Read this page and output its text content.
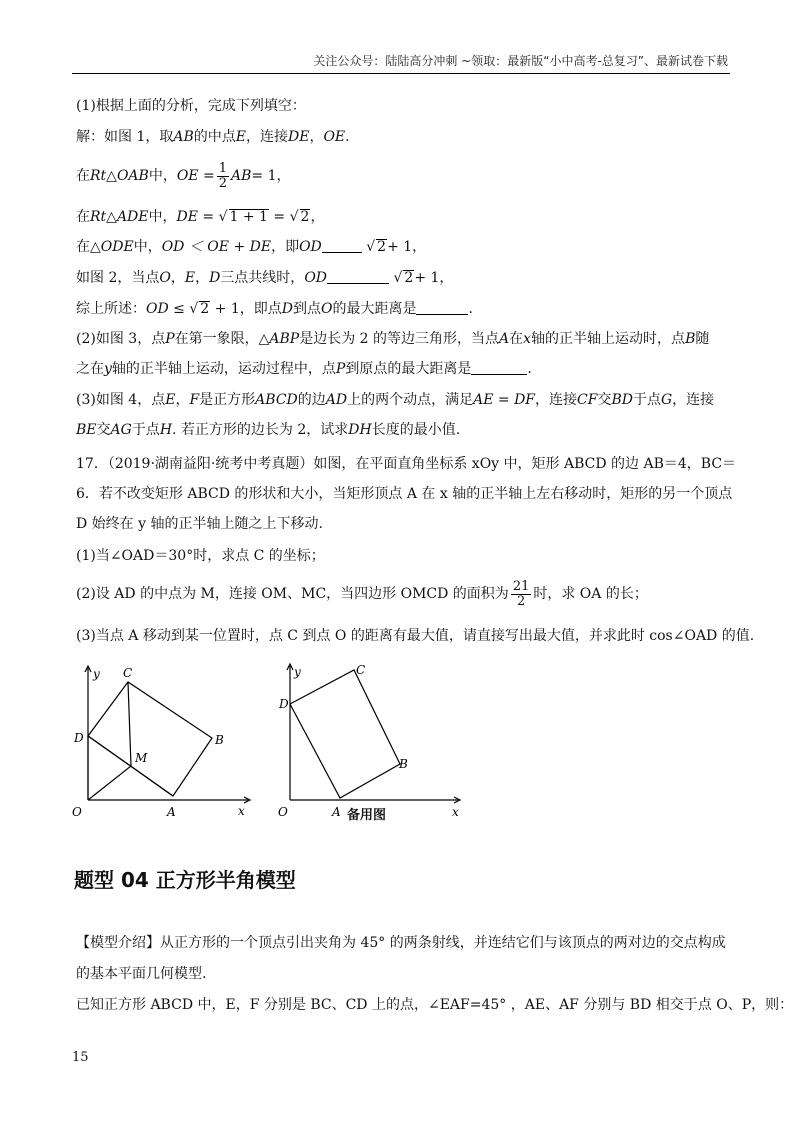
关注公众号：陆陆高分冲刺 ~领取：最新版“小中高考-总复习”、最新试卷下载
(1)根据上面的分析，完成下列填空：
解：如图 1，取AB的中点E，连接DE，OE.
在Rt△OAB中，OE = $\frac{1}{2} AB= 1$，
在Rt△ADE中，DE = √ 1 + 1 = √ 2，
在△ODE中，OD ＜ OE + DE，即OD	√ 2+ 1，
如图 2，当点O，E，D三点共线时，OD	√ 2+ 1，
综上所述：OD ≤ √ 2 + 1，即点D到点O的最大距离是	.
(2)如图 3，点P在第一象限，△ABP是边长为 2 的等边三角形，当点A在x轴的正半轴上运动时，点B随
之在y轴的正半轴上运动，运动过程中，点P到原点的最大距离是	.
(3)如图 4，点E，F是正方形ABCD的边AD上的两个动点，满足AE = DF，连接CF交BD于点G，连接
BE交AG于点H. 若正方形的边长为 2，试求DH长度的最小值.
17．（2019·湖南益阳·统考中考真题）如图，在平面直角坐标系 xOy 中，矩形 ABCD 的边 AB＝4，BC＝
6．若不改变矩形 ABCD 的形状和大小，当矩形顶点 A 在 x 轴的正半轴上左右移动时，矩形的另一个顶点
D 始终在 y 轴的正半轴上随之上下移动.
(1)当∠OAD＝30°时，求点 C 的坐标；
(2)设 AD 的中点为 M，连接 OM、MC，当四边形 OMCD 的面积为 $\frac{21}{2}$ 时，求 OA 的长；
(3)当点 A 移动到某一位置时，点 C 到点 O 的距离有最大值，请直接写出最大值，并求此时 cos∠OAD 的值.
y
x
O	A
B
C
D
M
y
x
O	A
B
C
D
备用图
题型 04 正方形半角模型
【模型介绍】从正方形的一个顶点引出夹角为 45° 的两条射线，并连结它们与该顶点的两对边的交点构成
的基本平面几何模型.
已知正方形 ABCD 中，E，F 分别是 BC、CD 上的点，∠EAF=45° ，AE、AF 分别与 BD 相交于点 O、P，则：
15
